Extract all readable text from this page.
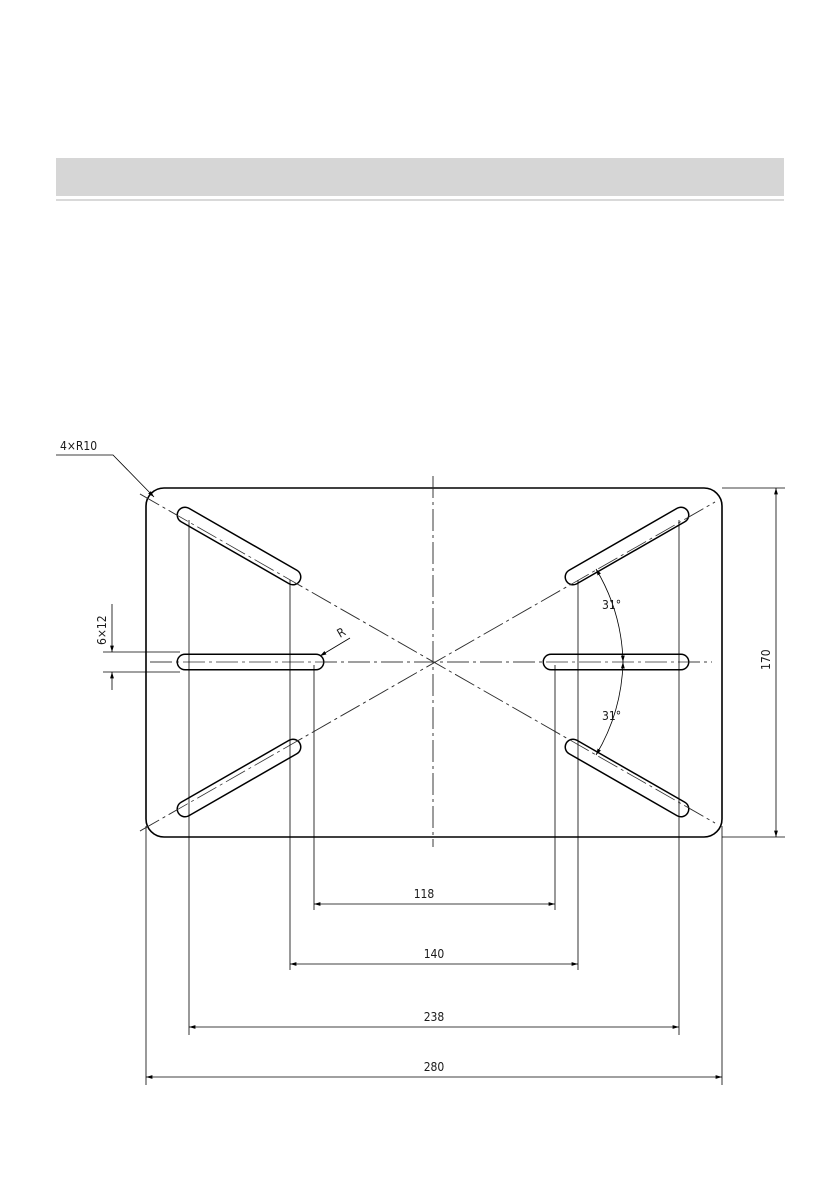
4×R10
6×12	R
31°
31°
170
118
140
238
280
